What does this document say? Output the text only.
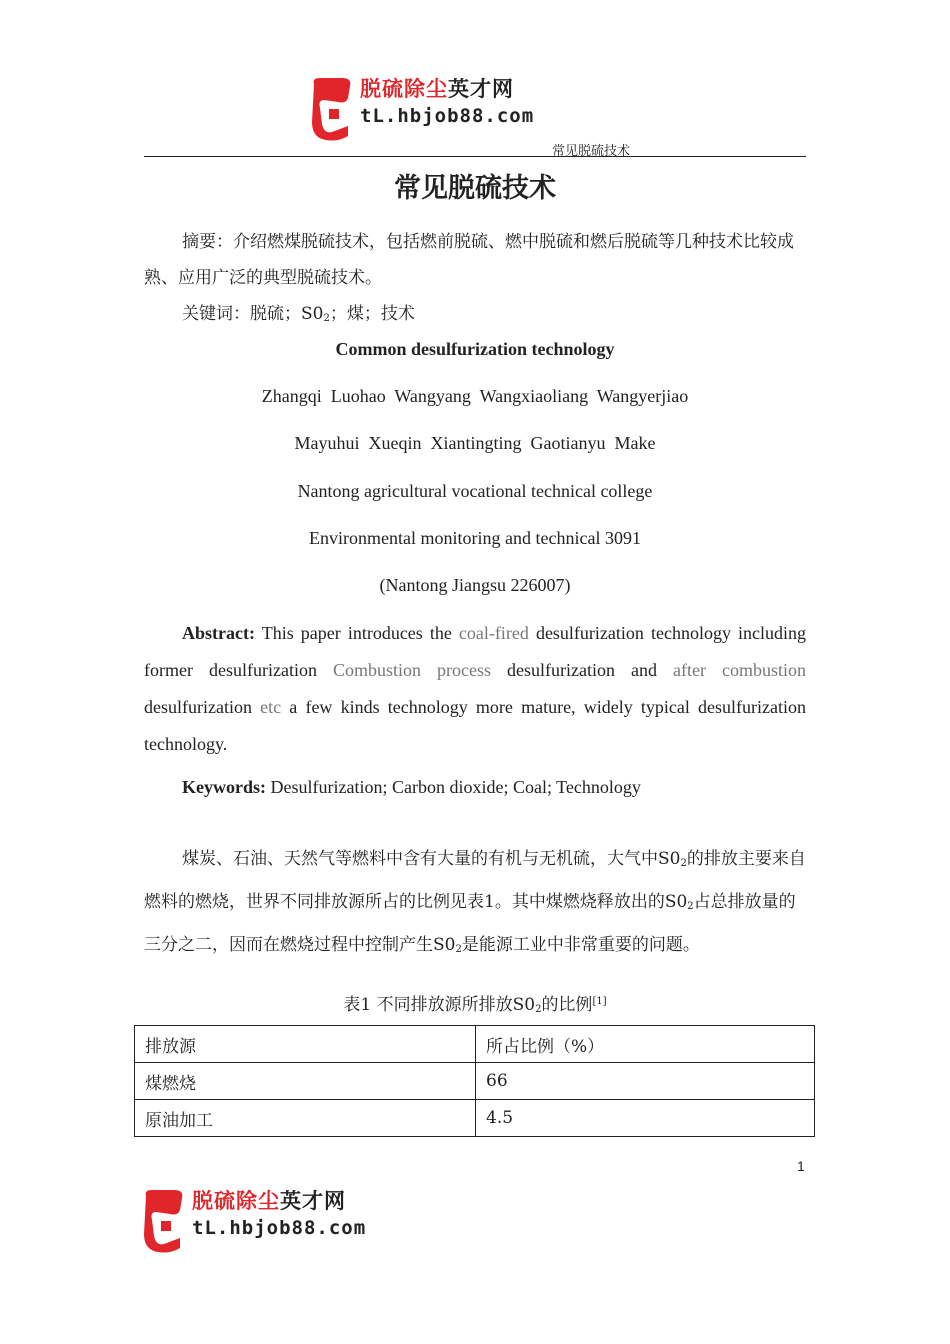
脱硫除尘英才网
tL.hbjob88.com
常见脱硫技术
常见脱硫技术
摘要：介绍燃煤脱硫技术，包括燃前脱硫、燃中脱硫和燃后脱硫等几种技术比较成熟、应用广泛的典型脱硫技术。
关键词：脱硫；$S0_2$；煤；技术
Common desulfurization technology
Zhangqi  Luohao  Wangyang  Wangxiaoliang  Wangyerjiao
Mayuhui  Xueqin  Xiantingting  Gaotianyu  Make
Nantong agricultural vocational technical college
Environmental monitoring and technical 3091
(Nantong Jiangsu 226007)
Abstract: This paper introduces the coal-fired desulfurization technology including former desulfurization Combustion process desulfurization and after combustion desulfurization etc a few kinds technology more mature, widely typical desulfurization technology.
Keywords: Desulfurization; Carbon dioxide; Coal; Technology
煤炭、石油、天然气等燃料中含有大量的有机与无机硫，大气中$S0_2$的排放主要来自燃料的燃烧，世界不同排放源所占的比例见表1。其中煤燃烧释放出的$S0_2$占总排放量的三分之二，因而在燃烧过程中控制产生$S0_2$是能源工业中非常重要的问题。
表1 不同排放源所排放$S0_2$的比例[1]
排放源	所占比例（%）
煤燃烧	66
原油加工	4.5
1
脱硫除尘英才网
tL.hbjob88.com
